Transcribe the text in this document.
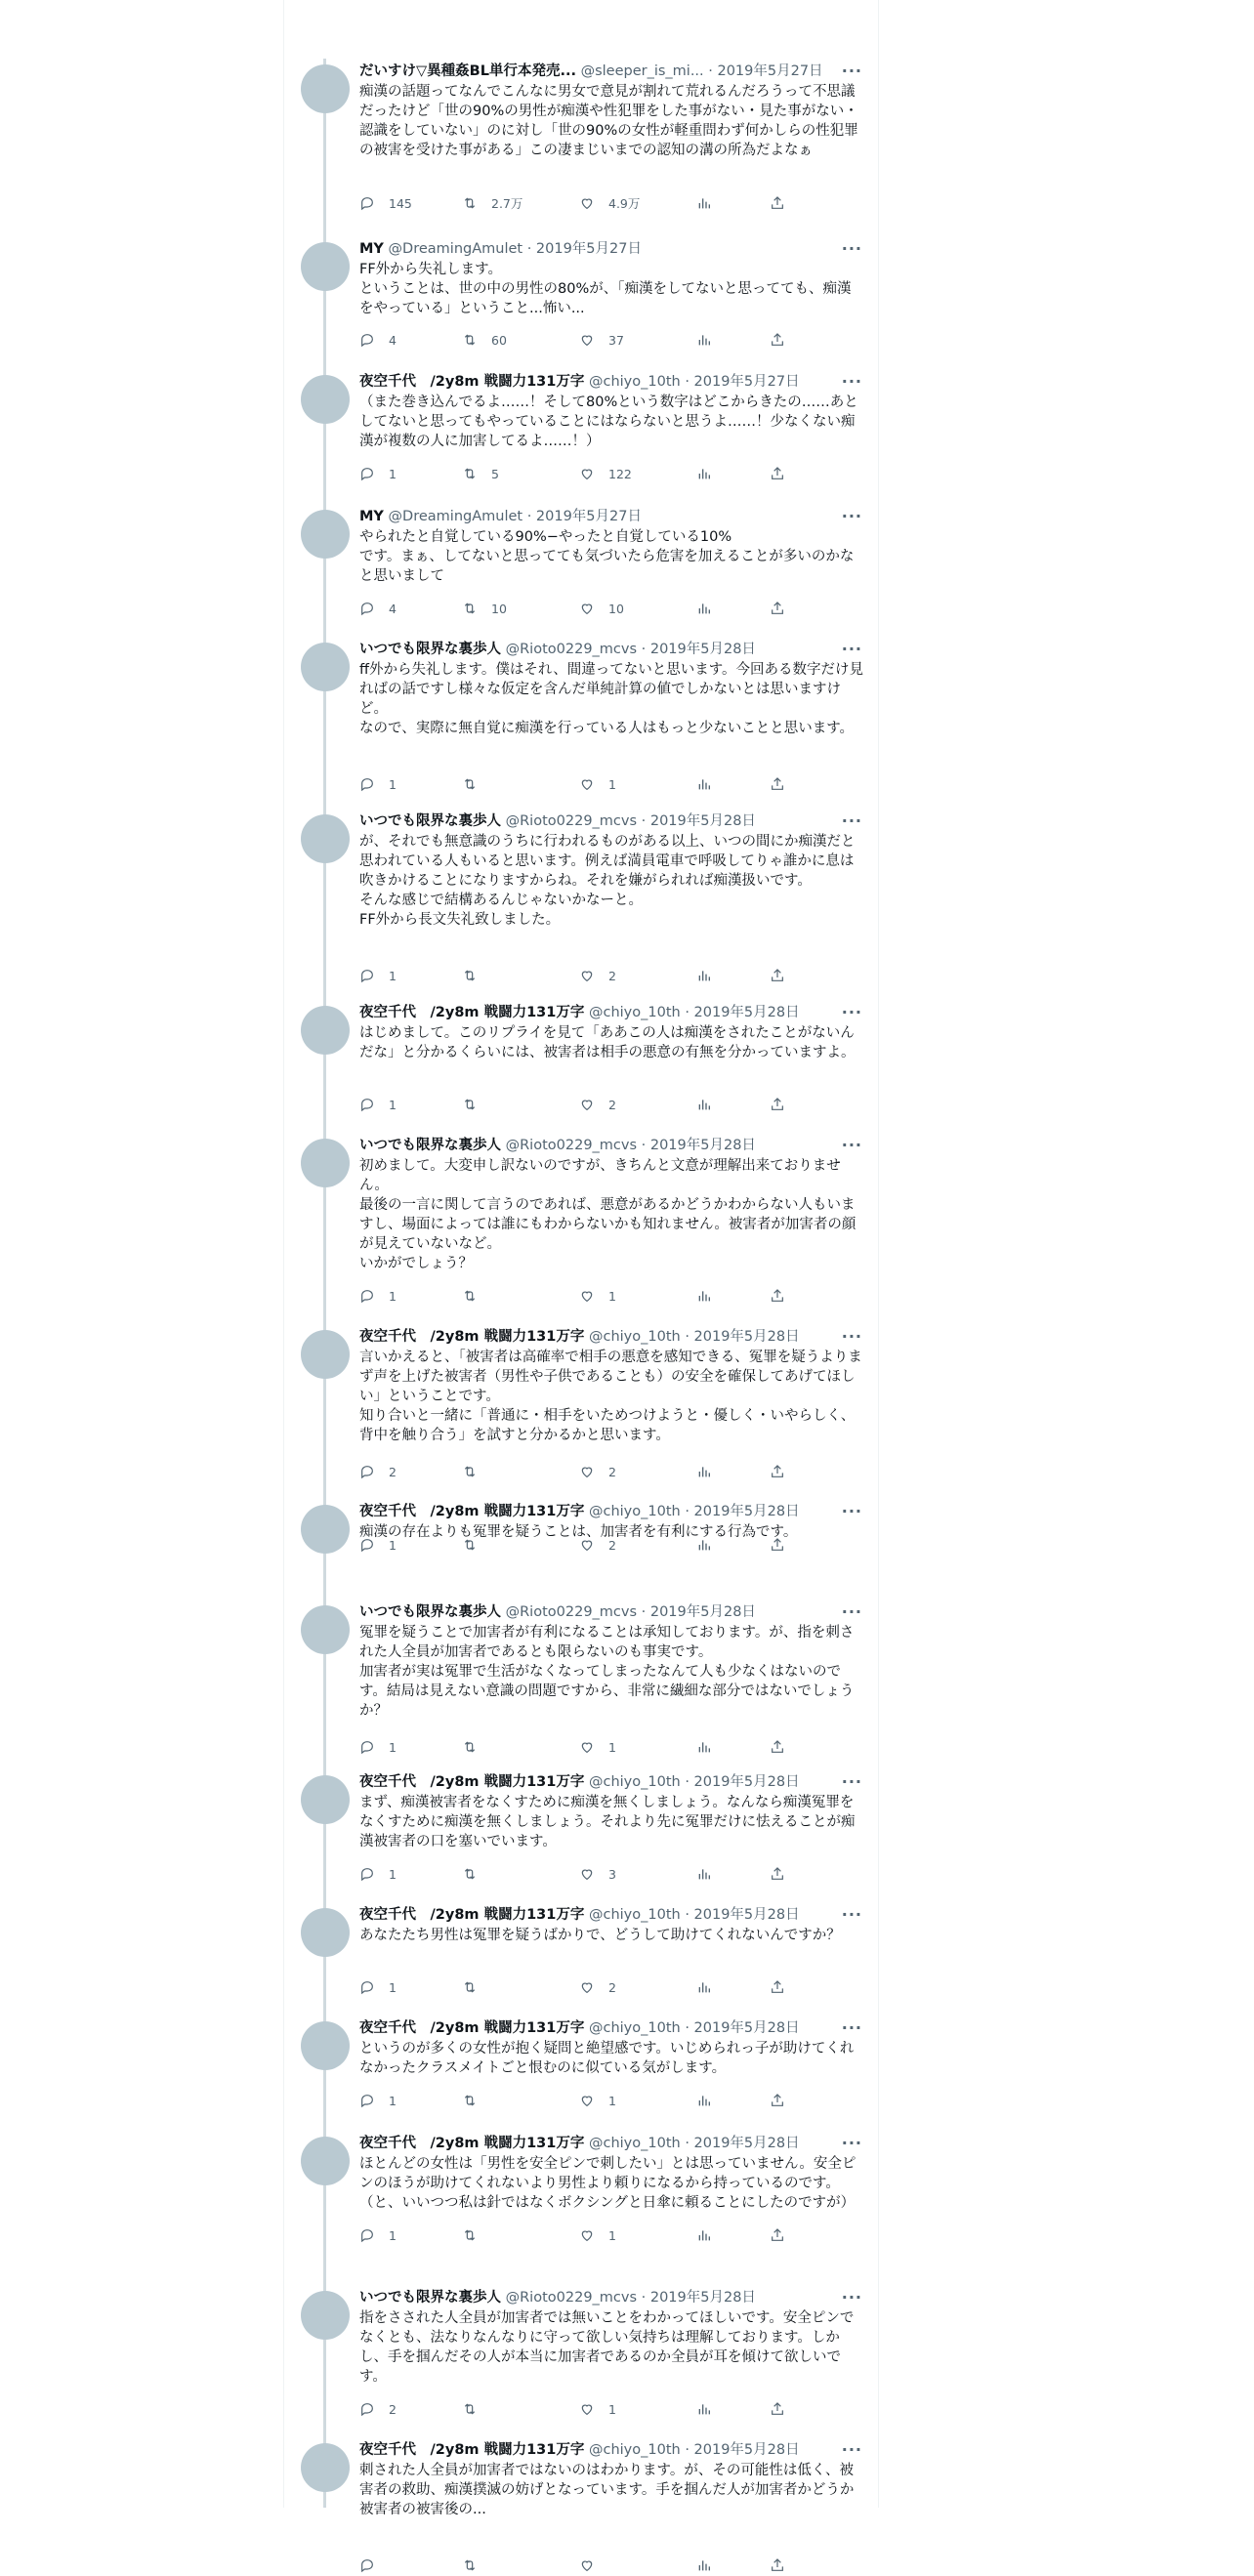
だいすけ▽異種姦BL単行本発売... @sleeper_is_mi... · 2019年5月27日 ···
痴漢の話題ってなんでこんなに男女で意見が割れて荒れるんだろうって不思議だったけど「世の90%の男性が痴漢や性犯罪をした事がない・見た事がない・認識をしていない」のに対し「世の90%の女性が軽重問わず何かしらの性犯罪の被害を受けた事がある」この凄まじいまでの認知の溝の所為だよなぁ
145	2.7万	4.9万
MY @DreamingAmulet · 2019年5月27日	···
FF外から失礼します。
ということは、世の中の男性の80%が、「痴漢をしてないと思ってても、痴漢をやっている」ということ...怖い...
4	60	37
夜空千代　/2y8m 戦闘力131万字 @chiyo_10th · 2019年5月27日	···
（また巻き込んでるよ……！そして80%という数字はどこからきたの……あとしてないと思ってもやっていることにはならないと思うよ……！少なくない痴漢が複数の人に加害してるよ……！）
1	5	122
MY @DreamingAmulet · 2019年5月27日	···
やられたと自覚している90%−やったと自覚している10%
です。まぁ、してないと思ってても気づいたら危害を加えることが多いのかなと思いまして
4	10	10
いつでも限界な裏歩人 @Rioto0229_mcvs · 2019年5月28日	···
ff外から失礼します。僕はそれ、間違ってないと思います。今回ある数字だけ見ればの話ですし様々な仮定を含んだ単純計算の値でしかないとは思いますけど。
なので、実際に無自覚に痴漢を行っている人はもっと少ないことと思います。
1	1
いつでも限界な裏歩人 @Rioto0229_mcvs · 2019年5月28日	···
が、それでも無意識のうちに行われるものがある以上、いつの間にか痴漢だと思われている人もいると思います。例えば満員電車で呼吸してりゃ誰かに息は吹きかけることになりますからね。それを嫌がられれば痴漢扱いです。
そんな感じで結構あるんじゃないかなーと。
FF外から長文失礼致しました。
1	2
夜空千代　/2y8m 戦闘力131万字 @chiyo_10th · 2019年5月28日	···
はじめまして。このリプライを見て「ああこの人は痴漢をされたことがないんだな」と分かるくらいには、被害者は相手の悪意の有無を分かっていますよ。
1	2
いつでも限界な裏歩人 @Rioto0229_mcvs · 2019年5月28日	···
初めまして。大変申し訳ないのですが、きちんと文意が理解出来ておりません。
最後の一言に関して言うのであれば、悪意があるかどうかわからない人もいますし、場面によっては誰にもわからないかも知れません。被害者が加害者の顔が見えていないなど。
いかがでしょう？
1	1
夜空千代　/2y8m 戦闘力131万字 @chiyo_10th · 2019年5月28日	···
言いかえると、「被害者は高確率で相手の悪意を感知できる、冤罪を疑うよりまず声を上げた被害者（男性や子供であることも）の安全を確保してあげてほしい」ということです。
知り合いと一緒に「普通に・相手をいためつけようと・優しく・いやらしく、背中を触り合う」を試すと分かるかと思います。
2	2
夜空千代　/2y8m 戦闘力131万字 @chiyo_10th · 2019年5月28日	···
痴漢の存在よりも冤罪を疑うことは、加害者を有利にする行為です。
1	2
いつでも限界な裏歩人 @Rioto0229_mcvs · 2019年5月28日	···
冤罪を疑うことで加害者が有利になることは承知しております。が、指を刺された人全員が加害者であるとも限らないのも事実です。
加害者が実は冤罪で生活がなくなってしまったなんて人も少なくはないのです。結局は見えない意識の問題ですから、非常に繊細な部分ではないでしょうか？
1	1
夜空千代　/2y8m 戦闘力131万字 @chiyo_10th · 2019年5月28日	···
まず、痴漢被害者をなくすために痴漢を無くしましょう。なんなら痴漢冤罪をなくすために痴漢を無くしましょう。それより先に冤罪だけに怯えることが痴漢被害者の口を塞いでいます。
1	3
夜空千代　/2y8m 戦闘力131万字 @chiyo_10th · 2019年5月28日	···
あなたたち男性は冤罪を疑うばかりで、どうして助けてくれないんですか？
1	2
夜空千代　/2y8m 戦闘力131万字 @chiyo_10th · 2019年5月28日	···
というのが多くの女性が抱く疑問と絶望感です。いじめられっ子が助けてくれなかったクラスメイトごと恨むのに似ている気がします。
1	1
夜空千代　/2y8m 戦闘力131万字 @chiyo_10th · 2019年5月28日	···
ほとんどの女性は「男性を安全ピンで刺したい」とは思っていません。安全ピンのほうが助けてくれないより男性より頼りになるから持っているのです。（と、いいつつ私は針ではなくボクシングと日傘に頼ることにしたのですが）
1	1
いつでも限界な裏歩人 @Rioto0229_mcvs · 2019年5月28日	···
指をさされた人全員が加害者では無いことをわかってほしいです。安全ピンでなくとも、法なりなんなりに守って欲しい気持ちは理解しております。しかし、手を掴んだその人が本当に加害者であるのか全員が耳を傾けて欲しいです。
2	1
夜空千代　/2y8m 戦闘力131万字 @chiyo_10th · 2019年5月28日	···
刺された人全員が加害者ではないのはわかります。が、その可能性は低く、被害者の救助、痴漢撲滅の妨げとなっています。手を掴んだ人が加害者かどうか被害者の被害後の...
